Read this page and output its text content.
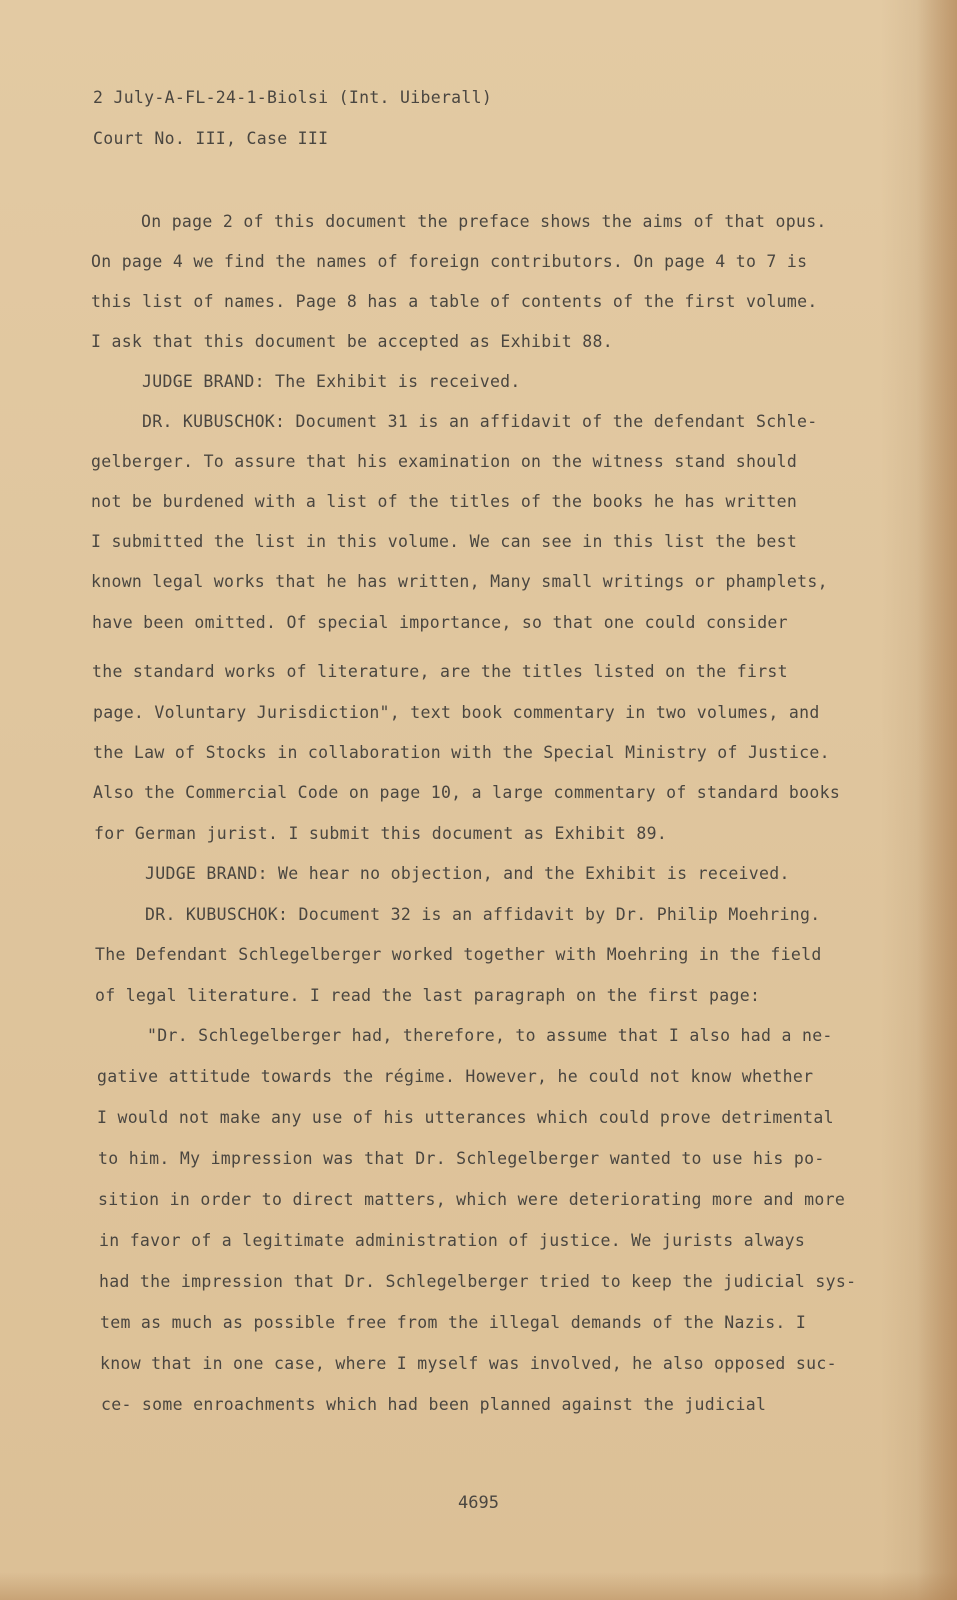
2 July-A-FL-24-1-Biolsi (Int. Uiberall)
Court No. III, Case III
On page 2 of this document the preface shows the aims of that opus.
On page 4 we find the names of foreign contributors. On page 4 to 7 is
this list of names. Page 8 has a table of contents of the first volume.
I ask that this document be accepted as Exhibit 88.
JUDGE BRAND: The Exhibit is received.
DR. KUBUSCHOK: Document 31 is an affidavit of the defendant Schle-
gelberger. To assure that his examination on the witness stand should
not be burdened with a list of the titles of the books he has written
I submitted the list in this volume. We can see in this list the best
known legal works that he has written, Many small writings or phamplets,
have been omitted. Of special importance, so that one could consider
the standard works of literature, are the titles listed on the first
page. Voluntary Jurisdiction", text book commentary in two volumes, and
the Law of Stocks in collaboration with the Special Ministry of Justice.
Also the Commercial Code on page 10, a large commentary of standard books
for German jurist. I submit this document as Exhibit 89.
JUDGE BRAND: We hear no objection, and the Exhibit is received.
DR. KUBUSCHOK: Document 32 is an affidavit by Dr. Philip Moehring.
The Defendant Schlegelberger worked together with Moehring in the field
of legal literature. I read the last paragraph on the first page:
"Dr. Schlegelberger had, therefore, to assume that I also had a ne-
gative attitude towards the régime. However, he could not know whether
I would not make any use of his utterances which could prove detrimental
to him. My impression was that Dr. Schlegelberger wanted to use his po-
sition in order to direct matters, which were deteriorating more and more
in favor of a legitimate administration of justice. We jurists always
had the impression that Dr. Schlegelberger tried to keep the judicial sys-
tem as much as possible free from the illegal demands of the Nazis. I
know that in one case, where I myself was involved, he also opposed suc-
ce- some enroachments which had been planned against the judicial
4695
